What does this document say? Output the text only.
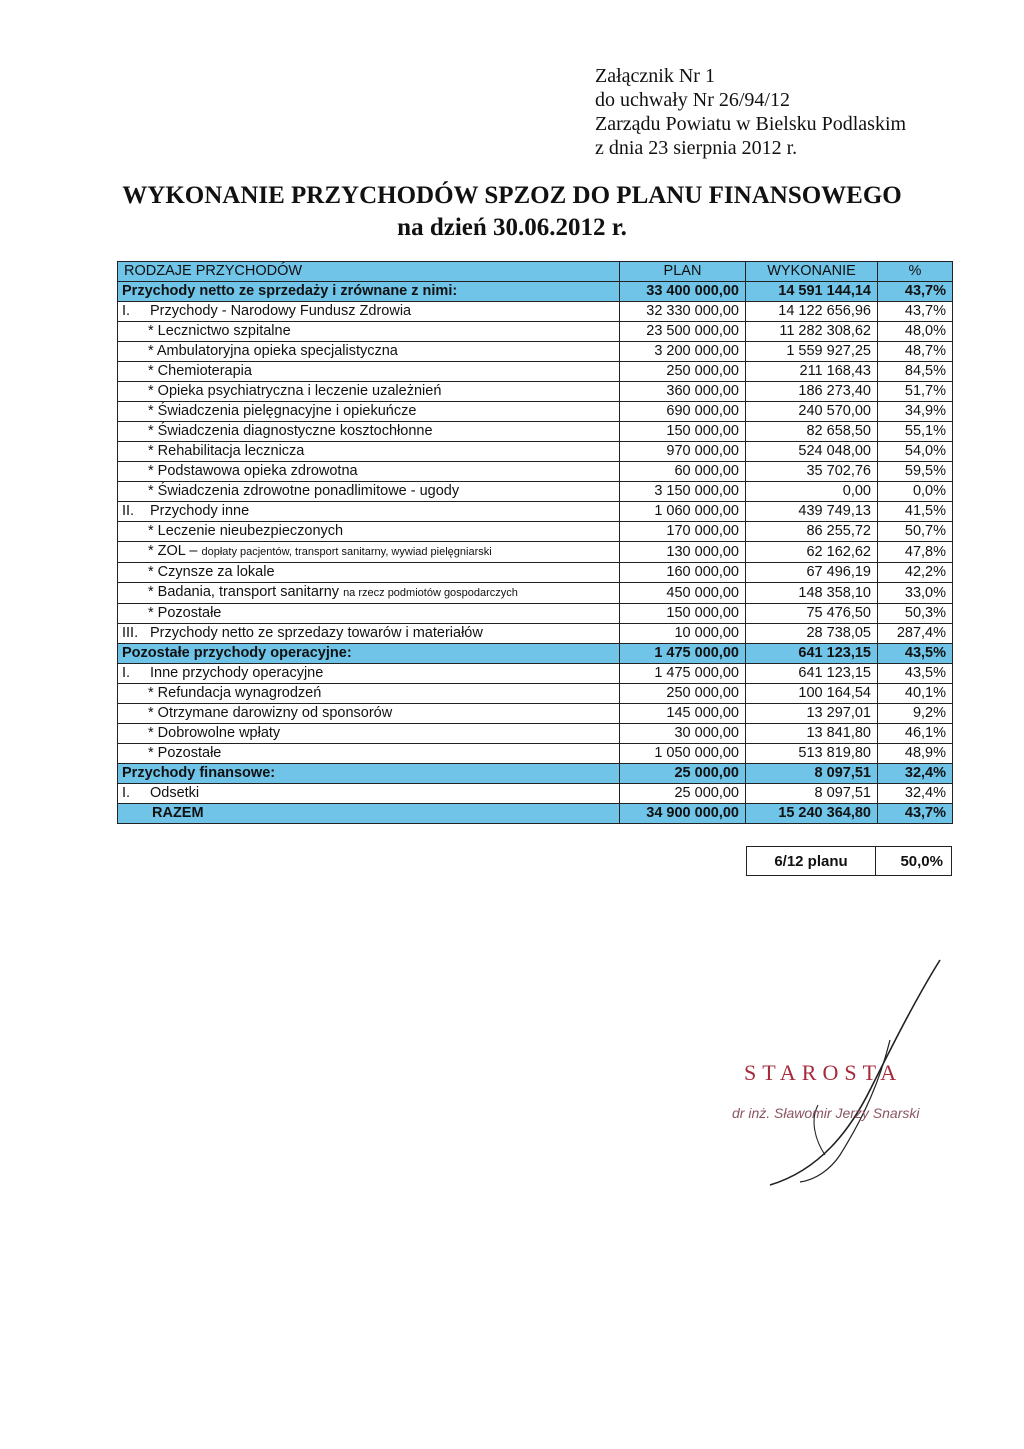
Załącznik Nr 1
do uchwały Nr 26/94/12
Zarządu Powiatu w Bielsku Podlaskim
z dnia 23 sierpnia 2012 r.
WYKONANIE PRZYCHODÓW SPZOZ DO PLANU FINANSOWEGO
na dzień 30.06.2012 r.
RODZAJE PRZYCHODÓW	PLAN	WYKONANIE	%
Przychody netto ze sprzedaży i zrównane z nimi:	33 400 000,00	14 591 144,14	43,7%
I. Przychody - Narodowy Fundusz Zdrowia	32 330 000,00	14 122 656,96	43,7%
* Lecznictwo szpitalne	23 500 000,00	11 282 308,62	48,0%
* Ambulatoryjna opieka specjalistyczna	3 200 000,00	1 559 927,25	48,7%
* Chemioterapia	250 000,00	211 168,43	84,5%
* Opieka psychiatryczna i leczenie uzależnień	360 000,00	186 273,40	51,7%
* Świadczenia pielęgnacyjne i opiekuńcze	690 000,00	240 570,00	34,9%
* Świadczenia diagnostyczne kosztochłonne	150 000,00	82 658,50	55,1%
* Rehabilitacja lecznicza	970 000,00	524 048,00	54,0%
* Podstawowa opieka zdrowotna	60 000,00	35 702,76	59,5%
* Świadczenia zdrowotne ponadlimitowe - ugody	3 150 000,00	0,00	0,0%
II. Przychody inne	1 060 000,00	439 749,13	41,5%
* Leczenie nieubezpieczonych	170 000,00	86 255,72	50,7%
* ZOL – dopłaty pacjentów, transport sanitarny, wywiad pielęgniarski	130 000,00	62 162,62	47,8%
* Czynsze za lokale	160 000,00	67 496,19	42,2%
* Badania, transport sanitarny na rzecz podmiotów gospodarczych	450 000,00	148 358,10	33,0%
* Pozostałe	150 000,00	75 476,50	50,3%
III. Przychody netto ze sprzedazy towarów i materiałów	10 000,00	28 738,05	287,4%
Pozostałe przychody operacyjne:	1 475 000,00	641 123,15	43,5%
I. Inne przychody operacyjne	1 475 000,00	641 123,15	43,5%
* Refundacja wynagrodzeń	250 000,00	100 164,54	40,1%
* Otrzymane darowizny od sponsorów	145 000,00	13 297,01	9,2%
* Dobrowolne wpłaty	30 000,00	13 841,80	46,1%
* Pozostałe	1 050 000,00	513 819,80	48,9%
Przychody finansowe:	25 000,00	8 097,51	32,4%
I. Odsetki	25 000,00	8 097,51	32,4%
RAZEM	34 900 000,00	15 240 364,80	43,7%
6/12 planu	50,0%
STAROSTA
dr inż. Sławomir Jerzy Snarski
